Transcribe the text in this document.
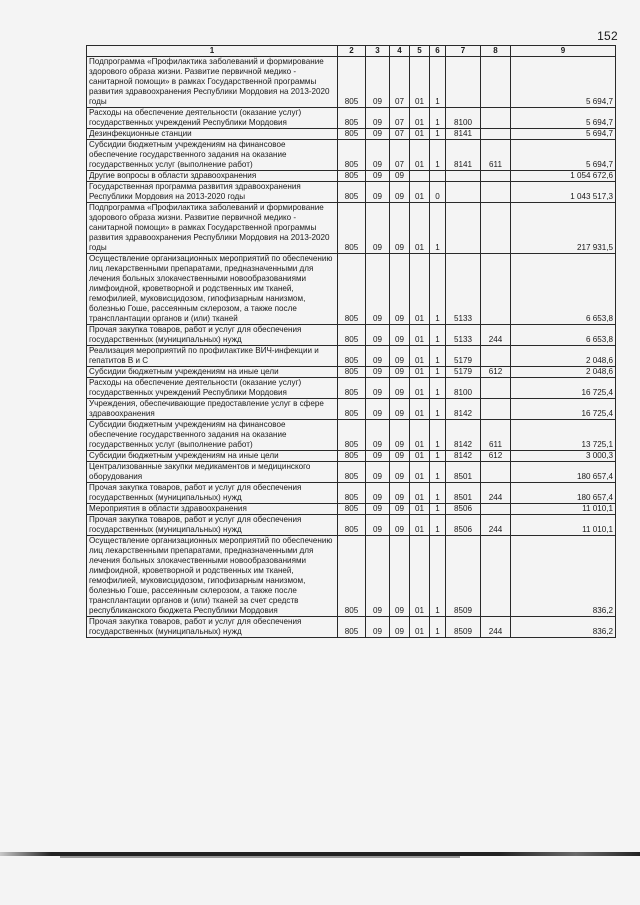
152
1	2	3	4	5	6	7	8	9
Подпрограмма «Профилактика заболеваний и формирование здорового образа жизни. Развитие первичной медико - санитарной помощи» в рамках Государственной программы развития здравоохранения Республики Мордовия на 2013-2020 годы	805	09	07	01	1			5 694,7
Расходы на обеспечение деятельности (оказание услуг) государственных учреждений Республики Мордовия	805	09	07	01	1	8100		5 694,7
Дезинфекционные станции	805	09	07	01	1	8141		5 694,7
Субсидии бюджетным учреждениям на финансовое обеспечение государственного задания на оказание государственных услуг (выполнение работ)	805	09	07	01	1	8141	611	5 694,7
Другие вопросы в области здравоохранения	805	09	09					1 054 672,6
Государственная программа развития здравоохранения Республики Мордовия на 2013-2020 годы	805	09	09	01	0			1 043 517,3
Подпрограмма «Профилактика заболеваний и формирование здорового образа жизни. Развитие первичной медико - санитарной помощи» в рамках Государственной программы развития здравоохранения Республики Мордовия на 2013-2020 годы	805	09	09	01	1			217 931,5
Осуществление организационных мероприятий по обеспечению лиц лекарственными препаратами, предназначенными для лечения больных злокачественными новообразованиями лимфоидной, кроветворной и родственных им тканей, гемофилией, муковисцидозом, гипофизарным нанизмом, болезнью Гоше, рассеянным склерозом, а также после трансплантации органов и (или) тканей	805	09	09	01	1	5133		6 653,8
Прочая закупка товаров, работ и услуг для обеспечения государственных (муниципальных) нужд	805	09	09	01	1	5133	244	6 653,8
Реализация мероприятий по профилактике ВИЧ-инфекции и гепатитов В и С	805	09	09	01	1	5179		2 048,6
Субсидии бюджетным учреждениям на иные цели	805	09	09	01	1	5179	612	2 048,6
Расходы на обеспечение деятельности (оказание услуг) государственных учреждений Республики Мордовия	805	09	09	01	1	8100		16 725,4
Учреждения, обеспечивающие предоставление услуг в сфере здравоохранения	805	09	09	01	1	8142		16 725,4
Субсидии бюджетным учреждениям на финансовое обеспечение государственного задания на оказание государственных услуг (выполнение работ)	805	09	09	01	1	8142	611	13 725,1
Субсидии бюджетным учреждениям на иные цели	805	09	09	01	1	8142	612	3 000,3
Централизованные закупки медикаментов и медицинского оборудования	805	09	09	01	1	8501		180 657,4
Прочая закупка товаров, работ и услуг для обеспечения государственных (муниципальных) нужд	805	09	09	01	1	8501	244	180 657,4
Мероприятия в области здравоохранения	805	09	09	01	1	8506		11 010,1
Прочая закупка товаров, работ и услуг для обеспечения государственных (муниципальных) нужд	805	09	09	01	1	8506	244	11 010,1
Осуществление организационных мероприятий по обеспечению лиц лекарственными препаратами, предназначенными для лечения больных злокачественными новообразованиями лимфоидной, кроветворной и родственных им тканей, гемофилией, муковисцидозом, гипофизарным нанизмом, болезнью Гоше, рассеянным склерозом, а также после трансплантации органов и (или) тканей за счет средств республиканского бюджета Республики Мордовия	805	09	09	01	1	8509		836,2
Прочая закупка товаров, работ и услуг для обеспечения государственных (муниципальных) нужд	805	09	09	01	1	8509	244	836,2
